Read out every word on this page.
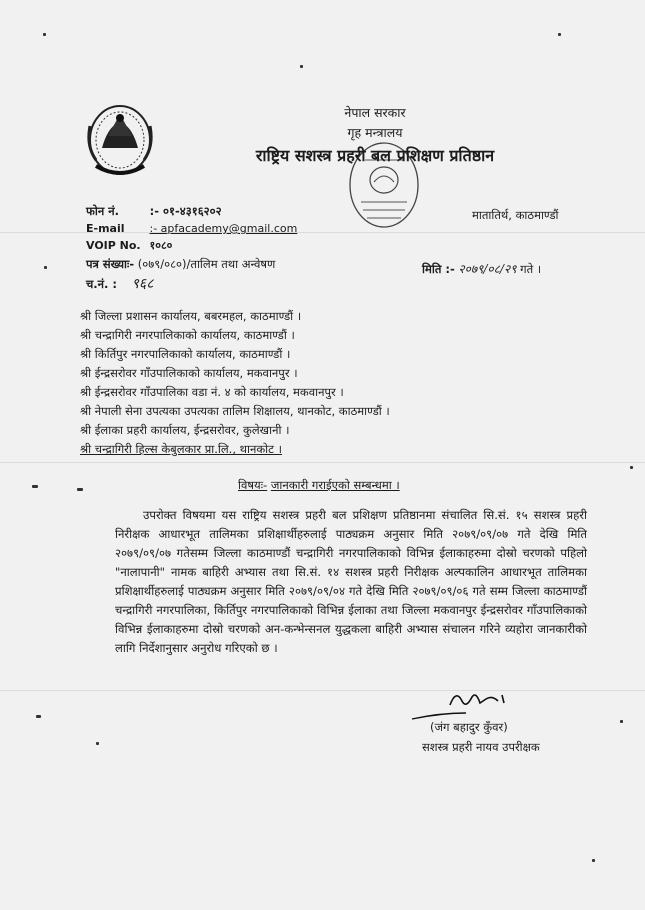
नेपाल सरकार
गृह मन्त्रालय
राष्ट्रिय सशस्त्र प्रहरी बल प्रशिक्षण प्रतिष्ठान
फोन नं.	:- ०१-४३१६२०२
E-mail :- apfacademy@gmail.com
VOIP No. १०८०
मातातिर्थ, काठमाण्डौं
पत्र संख्याः- (०७९/०८०)/तालिम तथा अन्वेषण
च.नं. : ९६८
मिति :- २०७९/०८/२९ गते ।
श्री जिल्ला प्रशासन कार्यालय, बबरमहल, काठमाण्डौं ।
श्री चन्द्रागिरी नगरपालिकाको कार्यालय, काठमाण्डौं ।
श्री किर्तिपुर नगरपालिकाको कार्यालय, काठमाण्डौं ।
श्री ईन्द्रसरोवर गाँउपालिकाको कार्यालय, मकवानपुर ।
श्री ईन्द्रसरोवर गाँउपालिका वडा नं. ४ को कार्यालय, मकवानपुर ।
श्री नेपाली सेना उपत्यका उपत्यका तालिम शिक्षालय, थानकोट, काठमाण्डौं ।
श्री ईलाका प्रहरी कार्यालय, ईन्द्रसरोवर, कुलेखानी ।
श्री चन्द्रागिरी हिल्स केबुलकार प्रा.लि., थानकोट ।
विषयः- जानकारी गराईएको सम्बन्धमा ।
उपरोक्त विषयमा यस राष्ट्रिय सशस्त्र प्रहरी बल प्रशिक्षण प्रतिष्ठानमा संचालित सि.सं. १५ सशस्त्र प्रहरी निरीक्षक आधारभूत तालिमका प्रशिक्षार्थीहरुलाई पाठ्यक्रम अनुसार मिति २०७९/०९/०७ गते देखि मिति २०७९/०९/०७ गतेसम्म जिल्ला काठमाण्डौं चन्द्रागिरी नगरपालिकाको विभिन्न ईलाकाहरुमा दोस्रो चरणको पहिलो "नालापानी" नामक बाहिरी अभ्यास तथा सि.सं. १४ सशस्त्र प्रहरी निरीक्षक अल्पकालिन आधारभूत तालिमका प्रशिक्षार्थीहरुलाई पाठ्यक्रम अनुसार मिति २०७९/०९/०४ गते देखि मिति २०७९/०९/०६ गते सम्म जिल्ला काठमाण्डौं चन्द्रागिरी नगरपालिका, किर्तिपुर नगरपालिकाको विभिन्न ईलाका तथा जिल्ला मकवानपुर ईन्द्रसरोवर गाँउपालिकाको विभिन्न ईलाकाहरुमा दोस्रो चरणको अन-कन्भेन्सनल युद्धकला बाहिरी अभ्यास संचालन गरिने व्यहोरा जानकारीको लागि निर्देशानुसार अनुरोध गरिएको छ ।
(जंग बहादुर कुँवर)
सशस्त्र प्रहरी नायव उपरीक्षक
